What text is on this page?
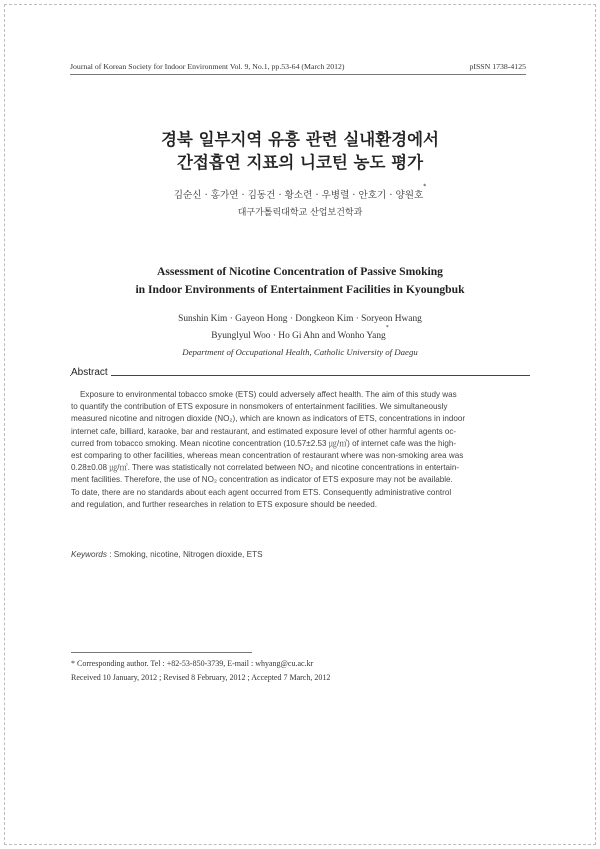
Journal of Korean Society for Indoor Environment Vol. 9, No.1, pp.53-64 (March 2012)	pISSN 1738-4125
경북 일부지역 유흥 관련 실내환경에서
간접흡연 지표의 니코틴 농도 평가
김순신 · 홍가연 · 김동건 · 황소련 · 우병렬 · 안호기 · 양원호*
대구가톨릭대학교 산업보건학과
Assessment of Nicotine Concentration of Passive Smoking
in Indoor Environments of Entertainment Facilities in Kyoungbuk
Sunshin Kim · Gayeon Hong · Dongkeon Kim · Soryeon Hwang
Byunglyul Woo · Ho Gi Ahn and Wonho Yang*
Department of Occupational Health, Catholic University of Daegu
Abstract
Exposure to environmental tobacco smoke (ETS) could adversely affect health. The aim of this study was
to quantify the contribution of ETS exposure in nonsmokers of entertainment facilities. We simultaneously
measured nicotine and nitrogen dioxide (NO₂), which are known as indicators of ETS, concentrations in indoor
internet cafe, billiard, karaoke, bar and restaurant, and estimated exposure level of other harmful agents oc-
curred from tobacco smoking. Mean nicotine concentration (10.57±2.53 ㎍/㎥) of internet cafe was the high-
est comparing to other facilities, whereas mean concentration of restaurant where was non-smoking area was
0.28±0.08 ㎍/㎥. There was statistically not correlated between NO₂ and nicotine concentrations in entertain-
ment facilities. Therefore, the use of NO₂ concentration as indicator of ETS exposure may not be available.
To date, there are no standards about each agent occurred from ETS. Consequently administrative control
and regulation, and further researches in relation to ETS exposure should be needed.
Keywords : Smoking, nicotine, Nitrogen dioxide, ETS
* Corresponding author. Tel : +82-53-850-3739, E-mail : whyang@cu.ac.kr
Received 10 January, 2012 ; Revised 8 February, 2012 ; Accepted 7 March, 2012
